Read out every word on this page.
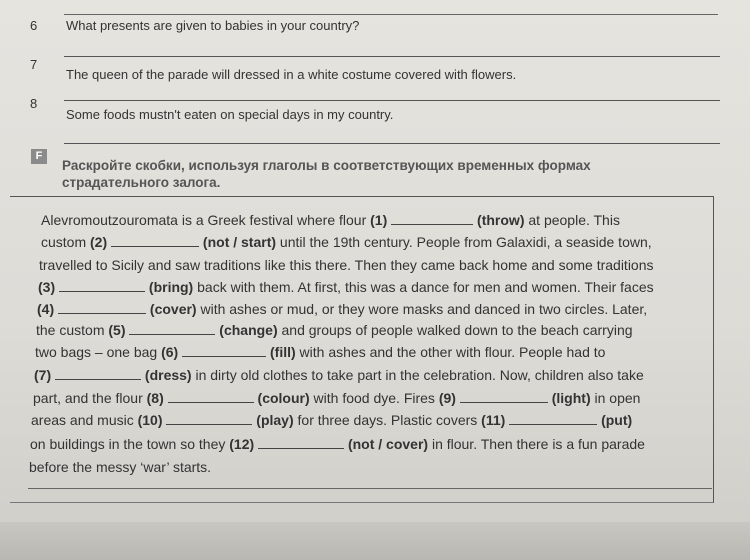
6 What presents are given to babies in your country?
7
The queen of the parade will dressed in a white costume covered with flowers.
8
Some foods mustn't eaten on special days in my country.
F
Раскройте скобки, используя глаголы в соответствующих временных формах страдательного залога.
Alevromoutzouromata is a Greek festival where flour (1)	(throw) at people. This
custom (2)	(not / start) until the 19th century. People from Galaxidi, a seaside town,
travelled to Sicily and saw traditions like this there. Then they came back home and some traditions
(3)	(bring) back with them. At first, this was a dance for men and women. Their faces
(4)	(cover) with ashes or mud, or they wore masks and danced in two circles. Later,
the custom (5)	(change) and groups of people walked down to the beach carrying
two bags – one bag (6)	(fill) with ashes and the other with flour. People had to
(7)	(dress) in dirty old clothes to take part in the celebration. Now, children also take
part, and the flour (8)	(colour) with food dye. Fires (9)	(light) in open
areas and music (10)	(play) for three days. Plastic covers (11)	(put)
on buildings in the town so they (12)	(not / cover) in flour. Then there is a fun parade
before the messy ‘war’ starts.
